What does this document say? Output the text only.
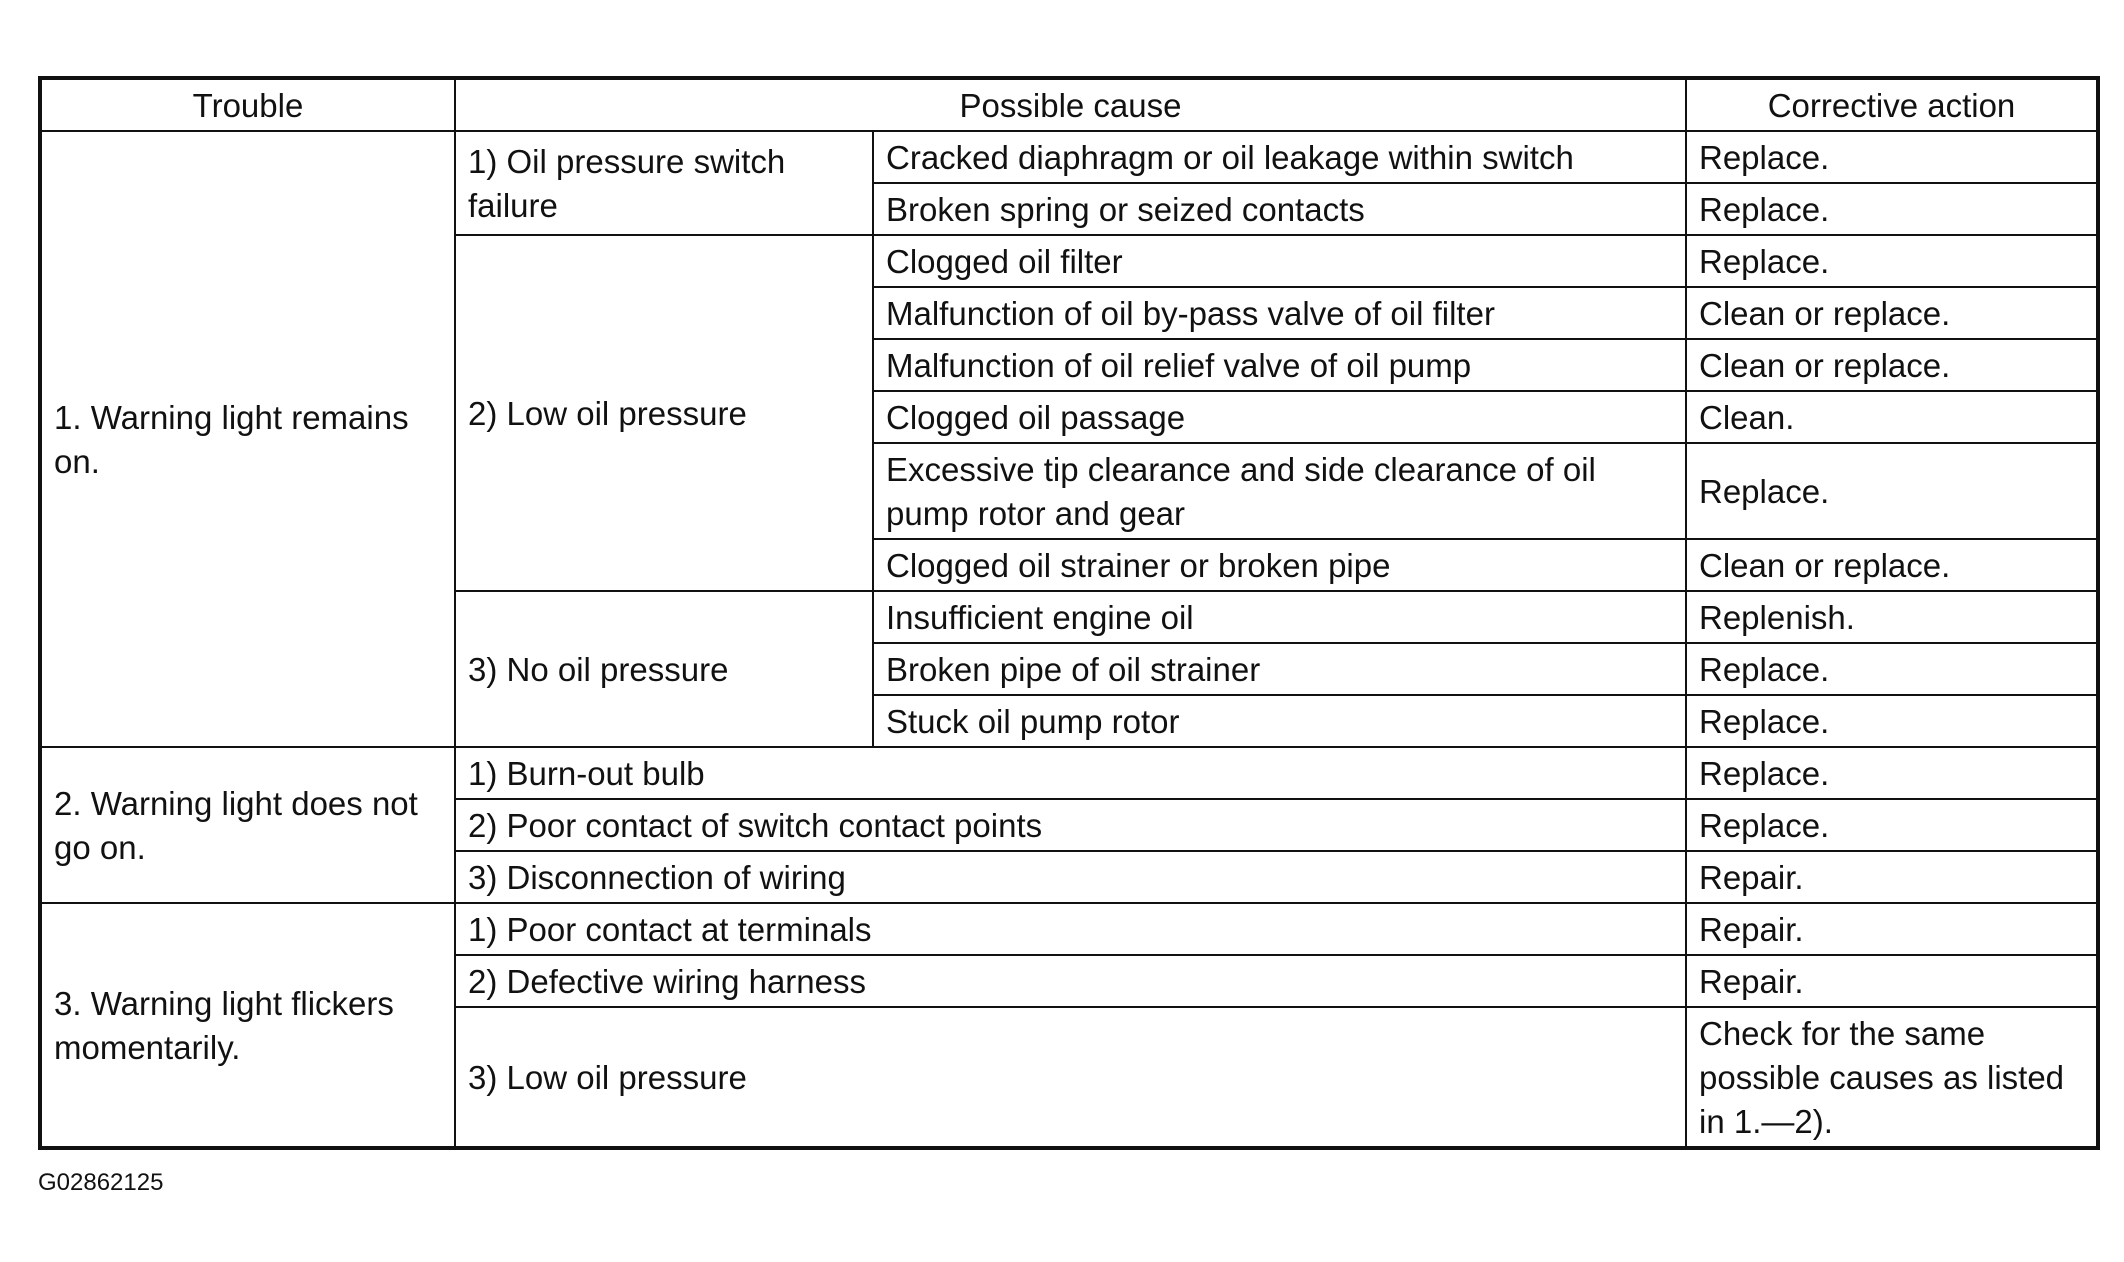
Trouble	Possible cause		Corrective action
1. Warning light remains on.	1) Oil pressure switch failure	Cracked diaphragm or oil leakage within switch	Replace.
		Broken spring or seized contacts	Replace.
	2) Low oil pressure	Clogged oil filter	Replace.
		Malfunction of oil by-pass valve of oil filter	Clean or replace.
		Malfunction of oil relief valve of oil pump	Clean or replace.
		Clogged oil passage	Clean.
		Excessive tip clearance and side clearance of oil pump rotor and gear	Replace.
		Clogged oil strainer or broken pipe	Clean or replace.
	3) No oil pressure	Insufficient engine oil	Replenish.
		Broken pipe of oil strainer	Replace.
		Stuck oil pump rotor	Replace.
2. Warning light does not go on.	1) Burn-out bulb		Replace.
	2) Poor contact of switch contact points		Replace.
	3) Disconnection of wiring		Repair.
3. Warning light flickers momentarily.	1) Poor contact at terminals		Repair.
	2) Defective wiring harness		Repair.
	3) Low oil pressure		Check for the same possible causes as listed in 1.—2).
G02862125
